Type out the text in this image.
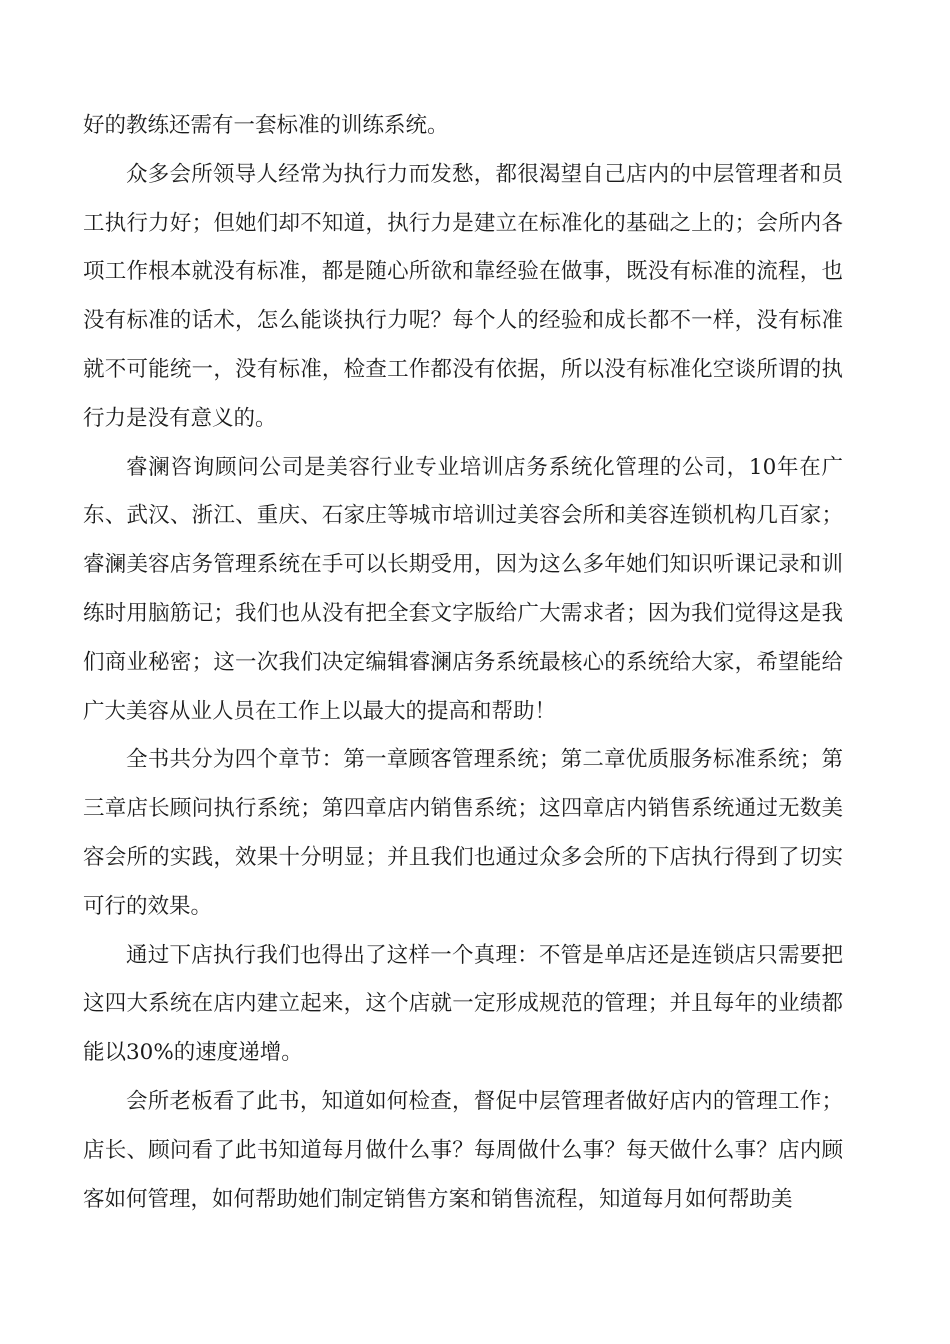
好的教练还需有一套标准的训练系统。

众多会所领导人经常为执行力而发愁，都很渴望自己店内的中层管理者和员工执行力好；但她们却不知道，执行力是建立在标准化的基础之上的；会所内各项工作根本就没有标准，都是随心所欲和靠经验在做事，既没有标准的流程，也没有标准的话术，怎么能谈执行力呢？每个人的经验和成长都不一样，没有标准就不可能统一，没有标准，检查工作都没有依据，所以没有标准化空谈所谓的执行力是没有意义的。

睿澜咨询顾问公司是美容行业专业培训店务系统化管理的公司，10年在广东、武汉、浙江、重庆、石家庄等城市培训过美容会所和美容连锁机构几百家；睿澜美容店务管理系统在手可以长期受用，因为这么多年她们知识听课记录和训练时用脑筋记；我们也从没有把全套文字版给广大需求者；因为我们觉得这是我们商业秘密；这一次我们决定编辑睿澜店务系统最核心的系统给大家，希望能给广大美容从业人员在工作上以最大的提高和帮助！

全书共分为四个章节：第一章顾客管理系统；第二章优质服务标准系统；第三章店长顾问执行系统；第四章店内销售系统；这四章店内销售系统通过无数美容会所的实践，效果十分明显；并且我们也通过众多会所的下店执行得到了切实可行的效果。

通过下店执行我们也得出了这样一个真理：不管是单店还是连锁店只需要把这四大系统在店内建立起来，这个店就一定形成规范的管理；并且每年的业绩都能以30%的速度递增。

会所老板看了此书，知道如何检查，督促中层管理者做好店内的管理工作；店长、顾问看了此书知道每月做什么事？每周做什么事？每天做什么事？店内顾客如何管理，如何帮助她们制定销售方案和销售流程，知道每月如何帮助美
